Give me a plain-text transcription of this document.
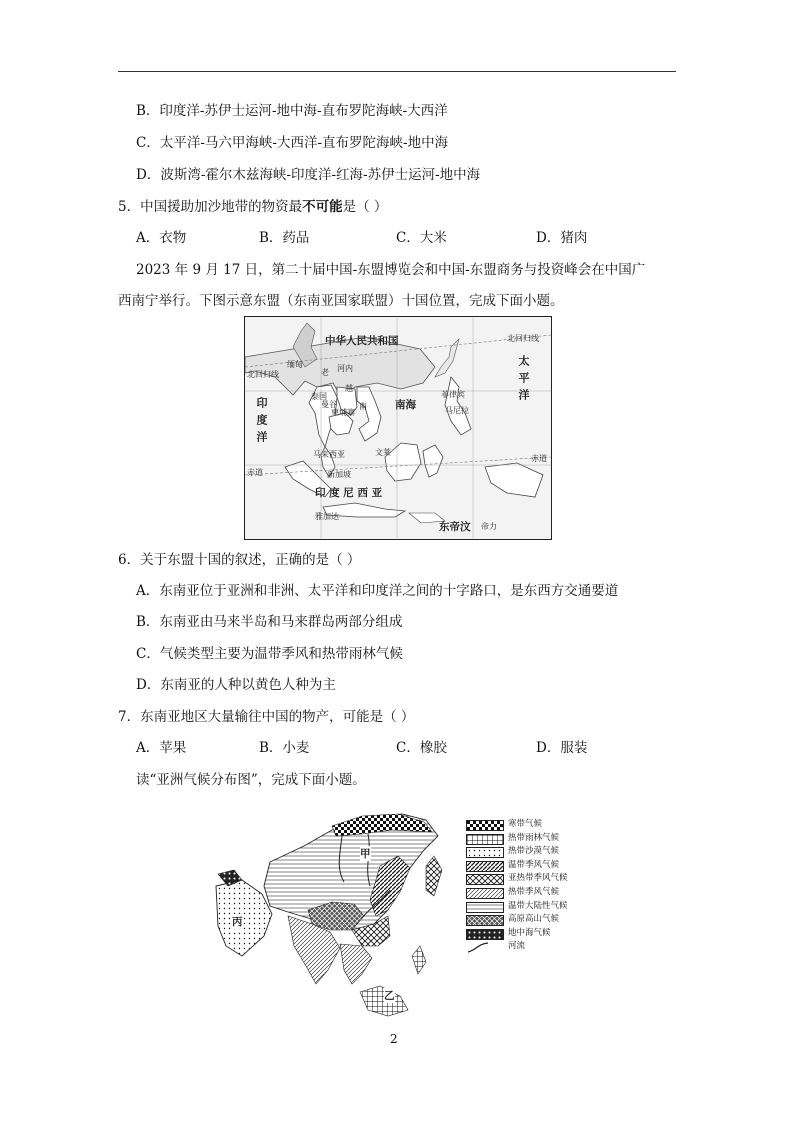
B．印度洋-苏伊士运河-地中海-直布罗陀海峡-大西洋
C．太平洋-马六甲海峡-大西洋-直布罗陀海峡-地中海
D．波斯湾-霍尔木兹海峡-印度洋-红海-苏伊士运河-地中海
5．中国援助加沙地带的物资最不可能是（ ）
A．衣物	B．药品	C．大米	D．猪肉
2023 年 9 月 17 日，第二十届中国-东盟博览会和中国-东盟商务与投资峰会在中国广
西南宁举行。下图示意东盟（东南亚国家联盟）十国位置，完成下面小题。
中华人民共和国
北回归线
北回归线
缅甸
老
泰国
柬埔寨
越
南	南海
菲律宾
马尼拉
曼谷
河内	太平洋
印度洋
马来西亚
新加坡
文莱
赤道
赤道
印 度 尼 西 亚
雅加达
东帝汶 帝力
6．关于东盟十国的叙述，正确的是（ ）
A．东南亚位于亚洲和非洲、太平洋和印度洋之间的十字路口，是东西方交通要道
B．东南亚由马来半岛和马来群岛两部分组成
C．气候类型主要为温带季风和热带雨林气候
D．东南亚的人种以黄色人种为主
7．东南亚地区大量输往中国的物产，可能是（ ）
A．苹果	B．小麦	C．橡胶	D．服装
读“亚洲气候分布图”，完成下面小题。
甲
乙
丙
寒带气候
热带雨林气候
热带沙漠气候
温带季风气候
亚热带季风气候
热带季风气候
温带大陆性气候
高原高山气候
地中海气候
河流
2
